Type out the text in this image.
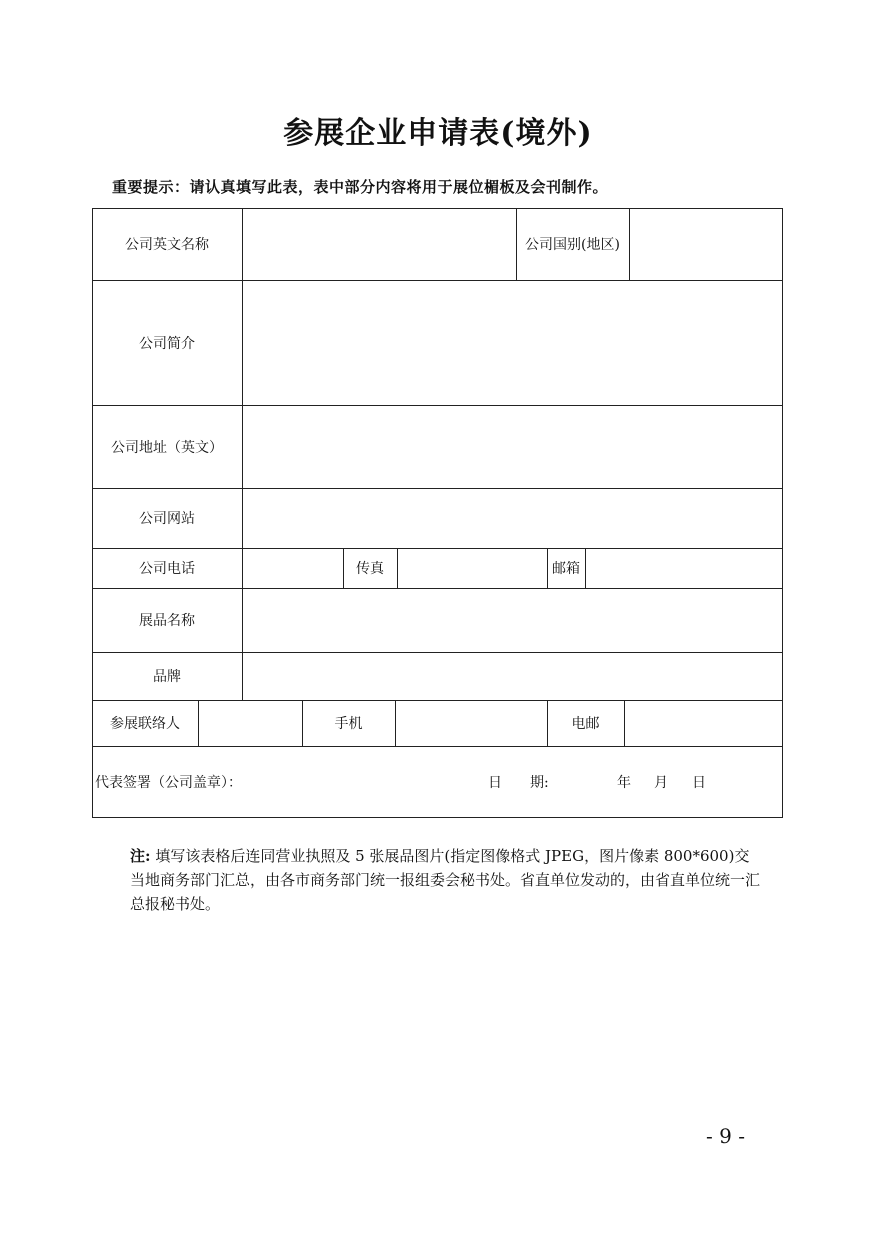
参展企业申请表(境外)
重要提示：请认真填写此表，表中部分内容将用于展位楣板及会刊制作。
公司英文名称	公司国别(地区)
公司简介
公司地址（英文）
公司网站
公司电话	传真	邮箱
展品名称
品牌
参展联络人	手机	电邮
代表签署（公司盖章）：	日　　期:	年 月 日
注: 填写该表格后连同营业执照及 5 张展品图片(指定图像格式 JPEG，图片像素 800*600)交当地商务部门汇总，由各市商务部门统一报组委会秘书处。省直单位发动的，由省直单位统一汇总报秘书处。
- 9 -
